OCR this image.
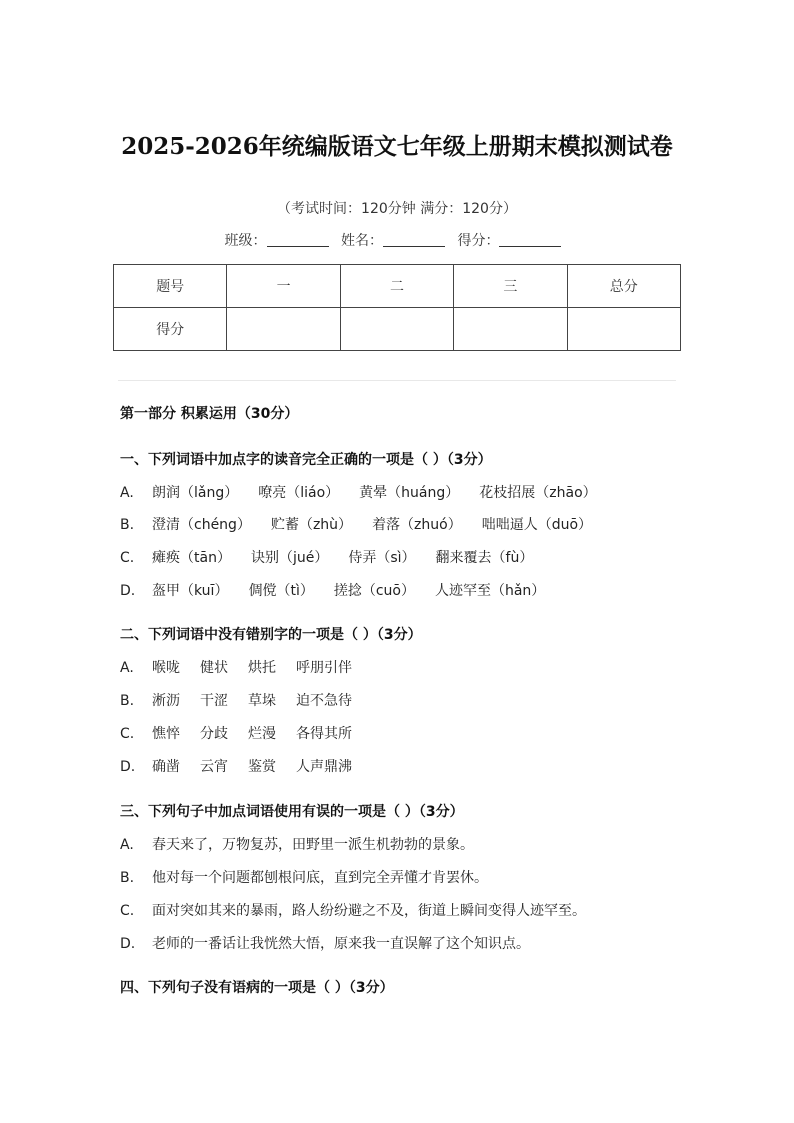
2025-2026年统编版语文七年级上册期末模拟测试卷
（考试时间：120分钟 满分：120分）
班级：	姓名：	得分：
题号	一	二	三	总分
得分				
第一部分 积累运用（30分）
一、下列词语中加点字的读音完全正确的一项是（ ）（3分）
A. 朗润（lǎng） 嘹亮（liáo） 黄晕（huáng） 花枝招展（zhāo）
B. 澄清（chéng） 贮蓄（zhù） 着落（zhuó） 咄咄逼人（duō）
C. 瘫痪（tān） 诀别（jué） 侍弄（sì） 翻来覆去（fù）
D. 盔甲（kuī） 倜傥（tì） 搓捻（cuō） 人迹罕至（hǎn）
二、下列词语中没有错别字的一项是（ ）（3分）
A. 喉咙 健状 烘托 呼朋引伴
B. 淅沥 干涩 草垛 迫不急待
C. 憔悴 分歧 烂漫 各得其所
D. 确凿 云宵 鉴赏 人声鼎沸
三、下列句子中加点词语使用有误的一项是（ ）（3分）
A. 春天来了，万物复苏，田野里一派生机勃勃的景象。
B. 他对每一个问题都刨根问底，直到完全弄懂才肯罢休。
C. 面对突如其来的暴雨，路人纷纷避之不及，街道上瞬间变得人迹罕至。
D. 老师的一番话让我恍然大悟，原来我一直误解了这个知识点。
四、下列句子没有语病的一项是（ ）（3分）
